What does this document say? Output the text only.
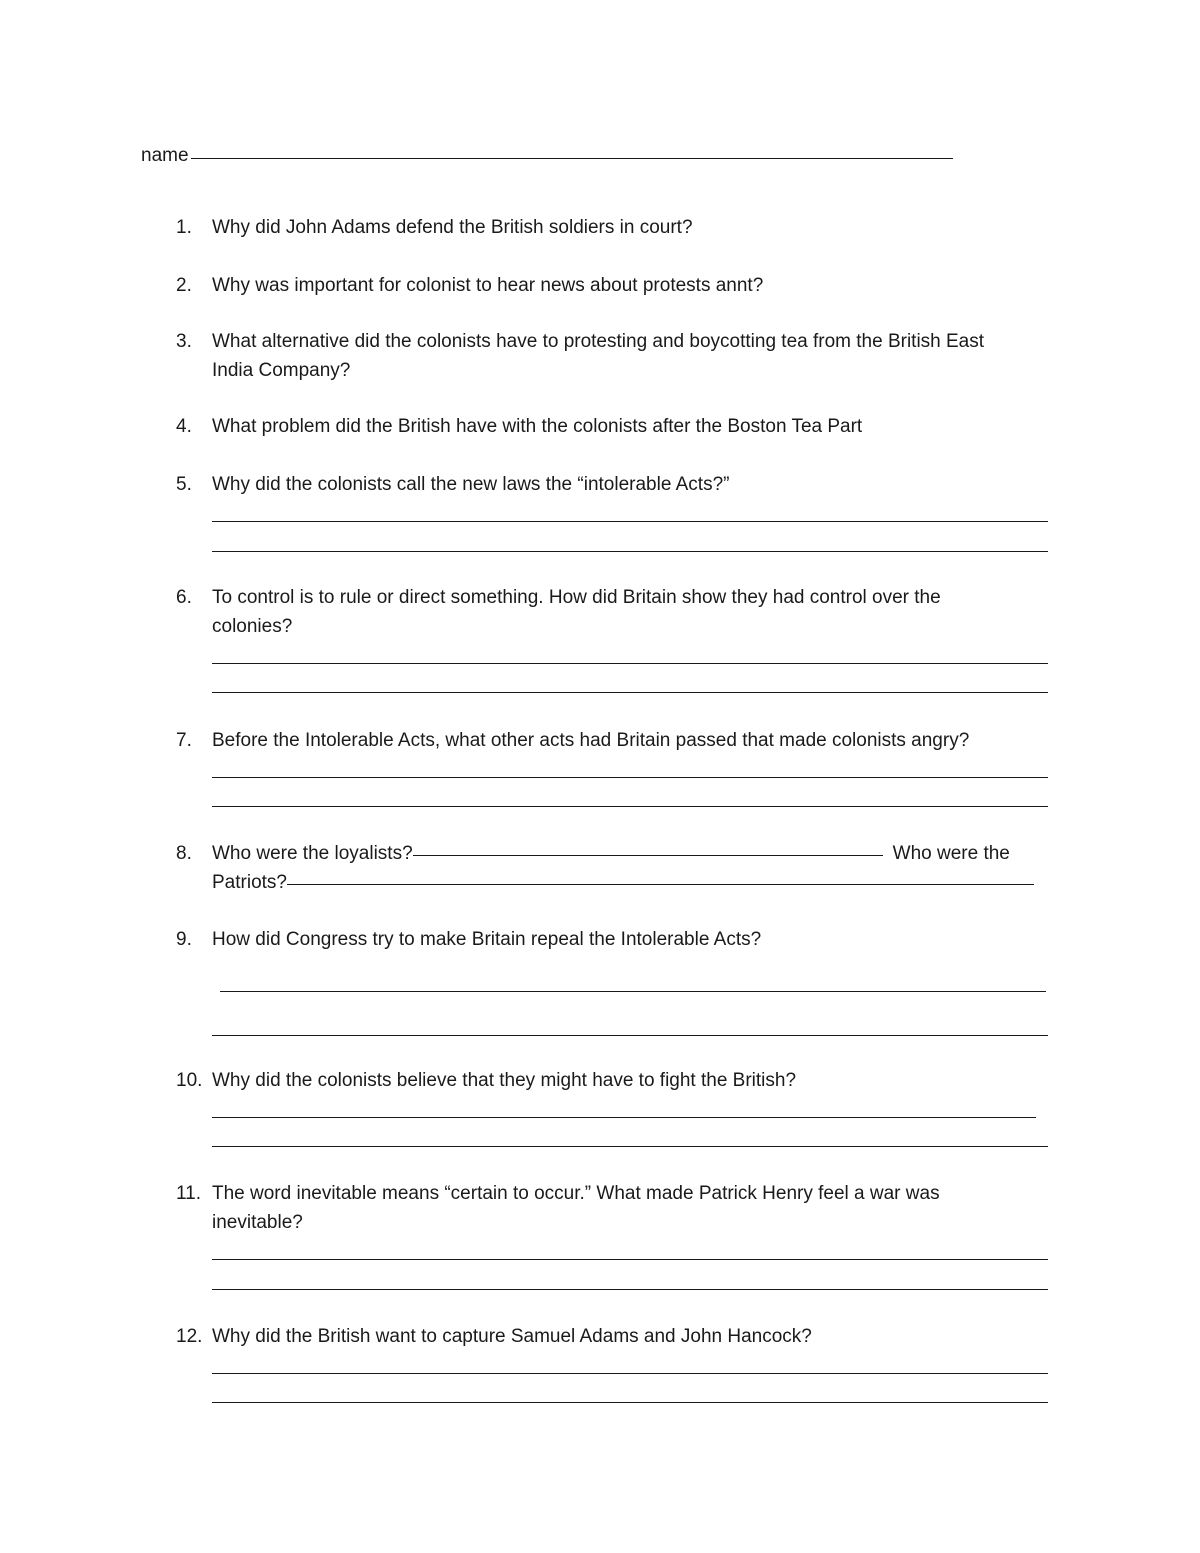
name
1.	Why did John Adams defend the British soldiers in court?
2.	Why was important for colonist to hear news about protests annt?
3.	What alternative did the colonists have to protesting and boycotting tea from the British East
India Company?
4.	What problem did the British have with the colonists after the Boston Tea Part
5.	Why did the colonists call the new laws the “intolerable Acts?”
6.	To control is to rule or direct something. How did Britain show they had control over the
colonies?
7.	Before the Intolerable Acts, what other acts had Britain passed that made colonists angry?
8.	Who were the loyalists?	Who were the
Patriots?
9.	How did Congress try to make Britain repeal the Intolerable Acts?
10. Why did the colonists believe that they might have to fight the British?
11. The word inevitable means “certain to occur.” What made Patrick Henry feel a war was
inevitable?
12. Why did the British want to capture Samuel Adams and John Hancock?
